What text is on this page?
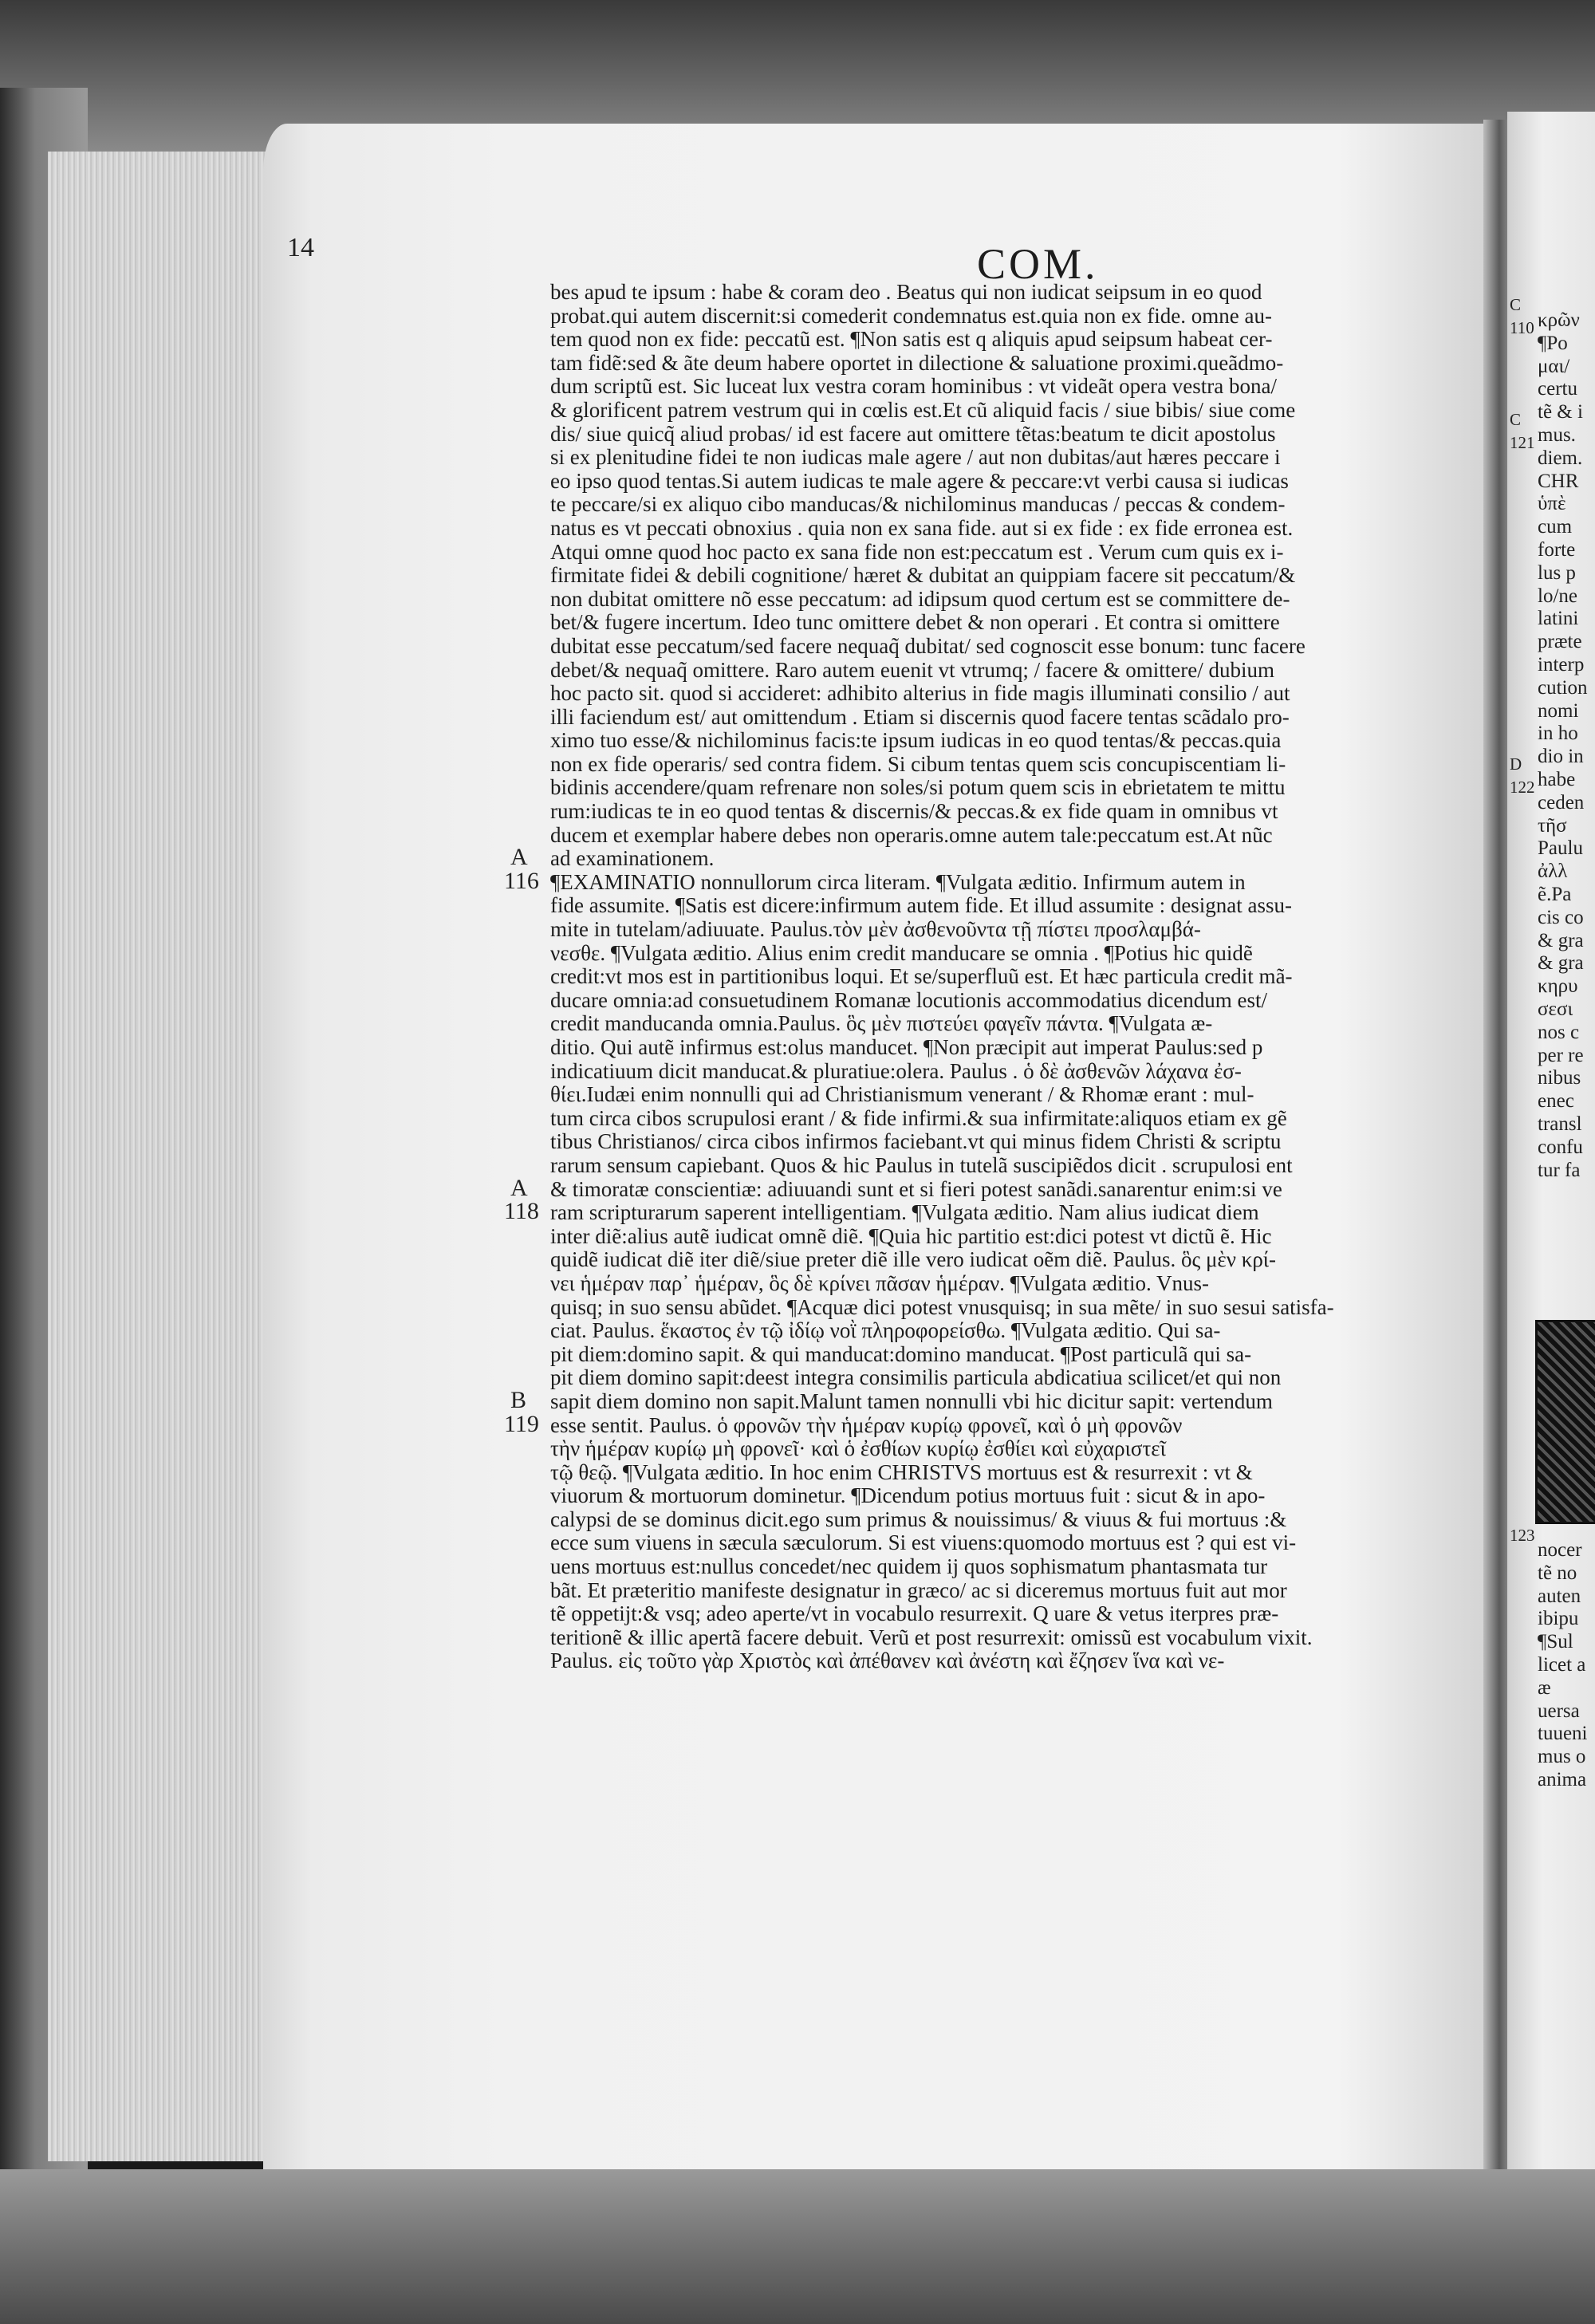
14	COM.
bes apud te ipsum : habe & coram deo . Beatus qui non iudicat seipsum in eo quod
probat.qui autem discernit:si comederit condemnatus est.quia non ex fide. omne au-
tem quod non ex fide: peccatũ est. ¶Non satis est q aliquis apud seipsum habeat cer-
tam fidẽ:sed & ãte deum habere oportet in dilectione & saluatione proximi.queãdmo-
dum scriptũ est. Sic luceat lux vestra coram hominibus : vt videãt opera vestra bona/
& glorificent patrem vestrum qui in cœlis est.Et cũ aliquid facis / siue bibis/ siue come
dis/ siue quicq̃ aliud probas/ id est facere aut omittere tẽtas:beatum te dicit apostolus
si ex plenitudine fidei te non iudicas male agere / aut non dubitas/aut hæres peccare i
eo ipso quod tentas.Si autem iudicas te male agere & peccare:vt verbi causa si iudicas
te peccare/si ex aliquo cibo manducas/& nichilominus manducas / peccas & condem-
natus es vt peccati obnoxius . quia non ex sana fide. aut si ex fide : ex fide erronea est.
Atqui omne quod hoc pacto ex sana fide non est:peccatum est . Verum cum quis ex i-
firmitate fidei & debili cognitione/ hæret & dubitat an quippiam facere sit peccatum/&
non dubitat omittere nõ esse peccatum: ad idipsum quod certum est se committere de-
bet/& fugere incertum. Ideo tunc omittere debet & non operari . Et contra si omittere
dubitat esse peccatum/sed facere nequaq̃ dubitat/ sed cognoscit esse bonum: tunc facere
debet/& nequaq̃ omittere. Raro autem euenit vt vtrumq; / facere & omittere/ dubium
hoc pacto sit. quod si accideret: adhibito alterius in fide magis illuminati consilio / aut
illi faciendum est/ aut omittendum . Etiam si discernis quod facere tentas scãdalo pro-
ximo tuo esse/& nichilominus facis:te ipsum iudicas in eo quod tentas/& peccas.quia
non ex fide operaris/ sed contra fidem. Si cibum tentas quem scis concupiscentiam li-
bidinis accendere/quam refrenare non soles/si potum quem scis in ebrietatem te mittu
rum:iudicas te in eo quod tentas & discernis/& peccas.& ex fide quam in omnibus vt
ducem et exemplar habere debes non operaris.omne autem tale:peccatum est.At nũc
ad examinationem.
¶EXAMINATIO nonnullorum circa literam. ¶Vulgata æditio. Infirmum autem in
fide assumite. ¶Satis est dicere:infirmum autem fide. Et illud assumite : designat assu-
mite in tutelam/adiuuate. Paulus.τὸν μὲν ἀσθενοῦντα τῇ πίστει προσλαμβά-
νεσθε. ¶Vulgata æditio. Alius enim credit manducare se omnia . ¶Potius hic quidẽ
credit:vt mos est in partitionibus loqui. Et se/superfluũ est. Et hæc particula credit mã-
ducare omnia:ad consuetudinem Romanæ locutionis accommodatius dicendum est/
credit manducanda omnia.Paulus. ὃς μὲν πιστεύει φαγεῖν πάντα. ¶Vulgata æ-
ditio. Qui autẽ infirmus est:olus manducet. ¶Non præcipit aut imperat Paulus:sed p
indicatiuum dicit manducat.& pluratiue:olera. Paulus . ὁ δὲ ἀσθενῶν λάχανα ἐσ-
θίει.Iudæi enim nonnulli qui ad Christianismum venerant / & Rhomæ erant : mul-
tum circa cibos scrupulosi erant / & fide infirmi.& sua infirmitate:aliquos etiam ex gẽ
tibus Christianos/ circa cibos infirmos faciebant.vt qui minus fidem Christi & scriptu
rarum sensum capiebant. Quos & hic Paulus in tutelã suscipiẽdos dicit . scrupulosi ent
& timoratæ conscientiæ: adiuuandi sunt et si fieri potest sanãdi.sanarentur enim:si ve
ram scripturarum saperent intelligentiam. ¶Vulgata æditio. Nam alius iudicat diem
inter diẽ:alius autẽ iudicat omnẽ diẽ. ¶Quia hic partitio est:dici potest vt dictũ ẽ. Hic
quidẽ iudicat diẽ iter diẽ/siue preter diẽ ille vero iudicat oẽm diẽ. Paulus. ὃς μὲν κρί-
νει ἡμέραν παρ᾽ ἡμέραν, ὃς δὲ κρίνει πᾶσαν ἡμέραν. ¶Vulgata æditio. Vnus-
quisq; in suo sensu abũdet. ¶Acquæ dici potest vnusquisq; in sua mẽte/ in suo sesui satisfa-
ciat. Paulus. ἕκαστος ἐν τῷ ἰδίῳ νοῒ πληροφορείσθω. ¶Vulgata æditio. Qui sa-
pit diem:domino sapit. & qui manducat:domino manducat. ¶Post particulã qui sa-
pit diem domino sapit:deest integra consimilis particula abdicatiua scilicet/et qui non
sapit diem domino non sapit.Malunt tamen nonnulli vbi hic dicitur sapit: vertendum
esse sentit. Paulus. ὁ φρονῶν τὴν ἡμέραν κυρίῳ φρονεῖ, καὶ ὁ μὴ φρονῶν
τὴν ἡμέραν κυρίῳ μὴ φρονεῖ· καὶ ὁ ἐσθίων κυρίῳ ἐσθίει καὶ εὐχαριστεῖ
τῷ θεῷ. ¶Vulgata æditio. In hoc enim CHRISTVS mortuus est & resurrexit : vt &
viuorum & mortuorum dominetur. ¶Dicendum potius mortuus fuit : sicut & in apo-
calypsi de se dominus dicit.ego sum primus & nouissimus/ & viuus & fui mortuus :&
ecce sum viuens in sæcula sæculorum. Si est viuens:quomodo mortuus est ? qui est vi-
uens mortuus est:nullus concedet/nec quidem ij quos sophismatum phantasmata tur
bãt. Et præteritio manifeste designatur in græco/ ac si diceremus mortuus fuit aut mor
tẽ oppetijt:& vsq; adeo aperte/vt in vocabulo resurrexit. Q uare & vetus iterpres præ-
teritionẽ & illic apertã facere debuit. Verũ et post resurrexit: omissũ est vocabulum vixit.
Paulus. εἰς τοῦτο γὰρ Χριστὸς καὶ ἀπέθανεν καὶ ἀνέστη καὶ ἔζησεν ἵνα καὶ νε-
A
116
A
118
B
119
κρῶν
¶Po
μαι/
certu
tẽ & i
mus.
diem.
CHR
ὑπὲ
cum
forte
lus p
lo/ne
latini
præte
interp
cution
nomi
in ho
dio in
habe
ceden
τῆσ
Paulu
ἀλλ
ẽ.Pa
cis co
& gra
& gra
κηρυ
σεσι
nos c
per re
nibus
enec
transl
confu
tur fa
C
110
C
121
D
122
123
nocer
tẽ no
auten
ibipu
¶Sul
licet a
æ
uersa
tuueni
mus o
anima
